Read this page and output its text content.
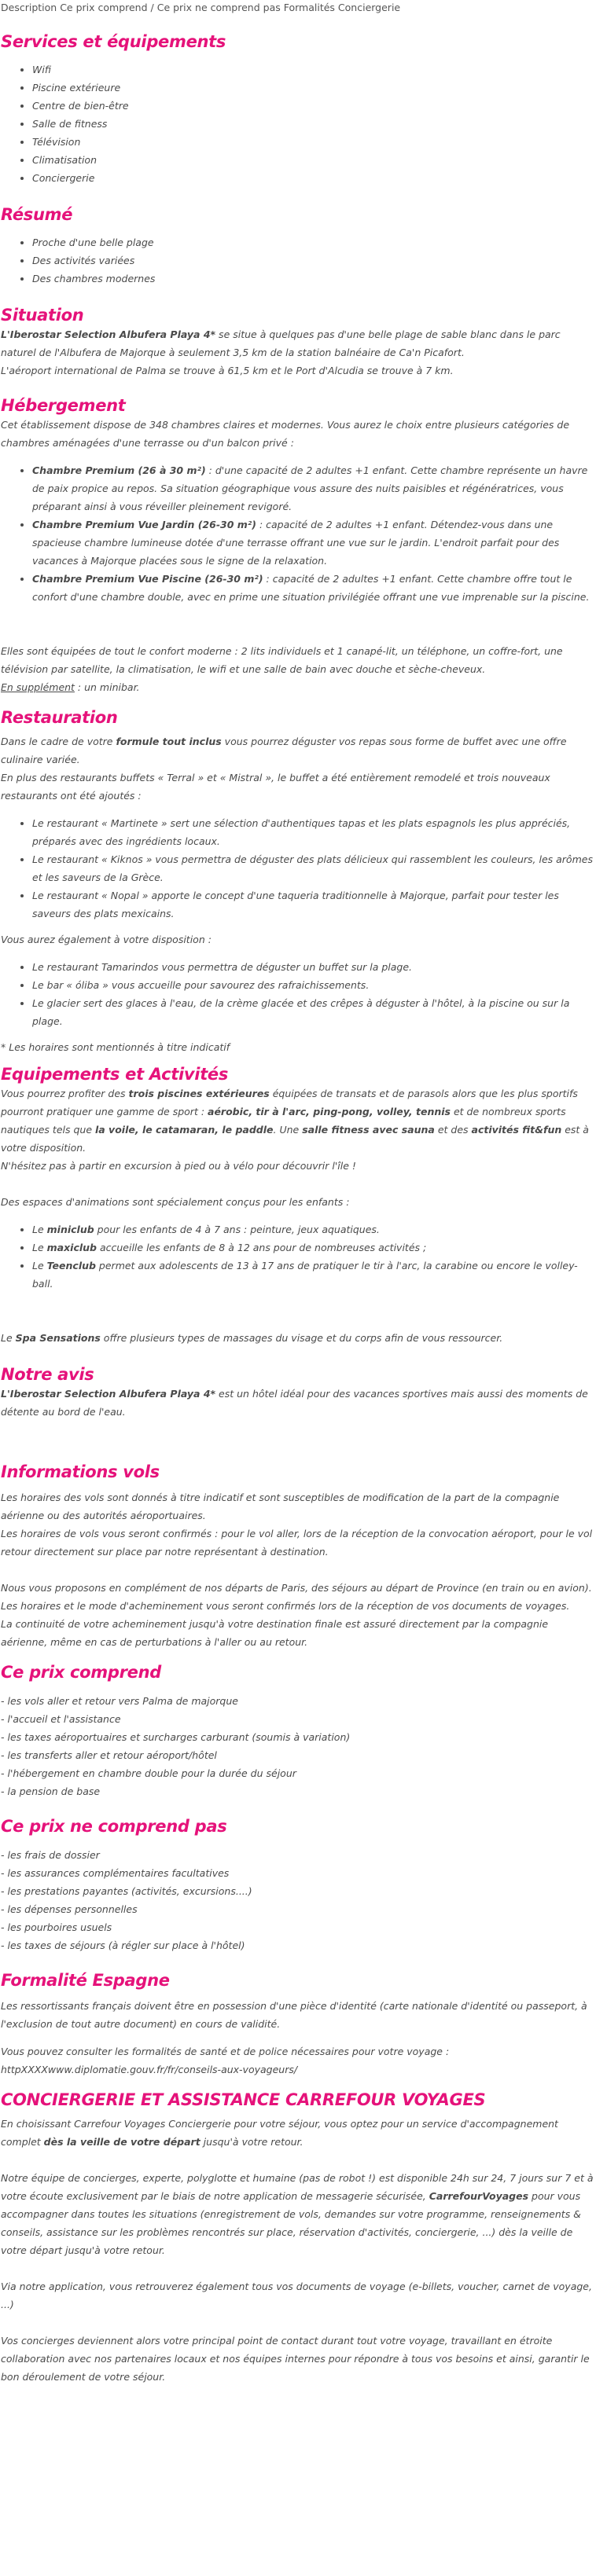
Description Ce prix comprend / Ce prix ne comprend pas Formalités Conciergerie
Services et équipements
• Wifi
• Piscine extérieure
• Centre de bien-être
• Salle de fitness
• Télévision
• Climatisation
• Conciergerie
Résumé
• Proche d'une belle plage
• Des activités variées
• Des chambres modernes
Situation

L'Iberostar Selection Albufera Playa 4* se situe à quelques pas d'une belle plage de sable blanc dans le parc naturel de l'Albufera de Majorque à seulement 3,5 km de la station balnéaire de Ca'n Picafort.

L'aéroport international de Palma se trouve à 61,5 km et le Port d'Alcudia se trouve à 7 km.

Hébergement

Cet établissement dispose de 348 chambres claires et modernes. Vous aurez le choix entre plusieurs catégories de chambres aménagées d'une terrasse ou d'un balcon privé :

• Chambre Premium (26 à 30 m²) : d'une capacité de 2 adultes +1 enfant. Cette chambre représente un havre de paix propice au repos. Sa situation géographique vous assure des nuits paisibles et régénératrices, vous préparant ainsi à vous réveiller pleinement revigoré.
• Chambre Premium Vue Jardin (26-30 m²) : capacité de 2 adultes +1 enfant. Détendez-vous dans une spacieuse chambre lumineuse dotée d'une terrasse offrant une vue sur le jardin. L'endroit parfait pour des vacances à Majorque placées sous le signe de la relaxation.
• Chambre Premium Vue Piscine (26-30 m²) : capacité de 2 adultes +1 enfant. Cette chambre offre tout le confort d'une chambre double, avec en prime une situation privilégiée offrant une vue imprenable sur la piscine.

Elles sont équipées de tout le confort moderne : 2 lits individuels et 1 canapé-lit, un téléphone, un coffre-fort, une télévision par satellite, la climatisation, le wifi et une salle de bain avec douche et sèche-cheveux.

En supplément : un minibar.

Restauration

Dans le cadre de votre formule tout inclus vous pourrez déguster vos repas sous forme de buffet avec une offre culinaire variée.

En plus des restaurants buffets « Terral » et « Mistral », le buffet a été entièrement remodelé et trois nouveaux restaurants ont été ajoutés :

• Le restaurant « Martinete » sert une sélection d'authentiques tapas et les plats espagnols les plus appréciés, préparés avec des ingrédients locaux.
• Le restaurant « Kiknos » vous permettra de déguster des plats délicieux qui rassemblent les couleurs, les arômes et les saveurs de la Grèce.
• Le restaurant « Nopal » apporte le concept d'une taqueria traditionnelle à Majorque, parfait pour tester les saveurs des plats mexicains.

Vous aurez également à votre disposition :

• Le restaurant Tamarindos vous permettra de déguster un buffet sur la plage.
• Le bar « óliba » vous accueille pour savourez des rafraichissements.
• Le glacier sert des glaces à l'eau, de la crème glacée et des crêpes à déguster à l'hôtel, à la piscine ou sur la plage.

* Les horaires sont mentionnés à titre indicatif

Equipements et Activités

Vous pourrez profiter des trois piscines extérieures équipées de transats et de parasols alors que les plus sportifs pourront pratiquer une gamme de sport : aérobic, tir à l'arc, ping-pong, volley, tennis et de nombreux sports nautiques tels que la voile, le catamaran, le paddle. Une salle fitness avec sauna et des activités fit&fun est à votre disposition.

N'hésitez pas à partir en excursion à pied ou à vélo pour découvrir l'île !

Des espaces d'animations sont spécialement conçus pour les enfants :

• Le miniclub pour les enfants de 4 à 7 ans : peinture, jeux aquatiques.
• Le maxiclub accueille les enfants de 8 à 12 ans pour de nombreuses activités ;
• Le Teenclub permet aux adolescents de 13 à 17 ans de pratiquer le tir à l'arc, la carabine ou encore le volley-ball.

Le Spa Sensations offre plusieurs types de massages du visage et du corps afin de vous ressourcer.

Notre avis

L'Iberostar Selection Albufera Playa 4* est un hôtel idéal pour des vacances sportives mais aussi des moments de détente au bord de l'eau.

Informations vols

Les horaires des vols sont donnés à titre indicatif et sont susceptibles de modification de la part de la compagnie aérienne ou des autorités aéroportuaires.

Les horaires de vols vous seront confirmés : pour le vol aller, lors de la réception de la convocation aéroport, pour le vol retour directement sur place par notre représentant à destination.

Nous vous proposons en complément de nos départs de Paris, des séjours au départ de Province (en train ou en avion).

Les horaires et le mode d'acheminement vous seront confirmés lors de la réception de vos documents de voyages.

La continuité de votre acheminement jusqu'à votre destination finale est assuré directement par la compagnie aérienne, même en cas de perturbations à l'aller ou au retour.

Ce prix comprend

- les vols aller et retour vers Palma de majorque

- l'accueil et l'assistance

- les taxes aéroportuaires et surcharges carburant (soumis à variation)

- les transferts aller et retour aéroport/hôtel

- l'hébergement en chambre double pour la durée du séjour

- la pension de base

Ce prix ne comprend pas

- les frais de dossier

- les assurances complémentaires facultatives

- les prestations payantes (activités, excursions....)

- les dépenses personnelles

- les pourboires usuels

- les taxes de séjours (à régler sur place à l'hôtel)

Formalité Espagne

Les ressortissants français doivent être en possession d'une pièce d'identité (carte nationale d'identité ou passeport, à l'exclusion de tout autre document) en cours de validité.

Vous pouvez consulter les formalités de santé et de police nécessaires pour votre voyage :

httpXXXXwww.diplomatie.gouv.fr/fr/conseils-aux-voyageurs/

CONCIERGERIE ET ASSISTANCE CARREFOUR VOYAGES

En choisissant Carrefour Voyages Conciergerie pour votre séjour, vous optez pour un service d'accompagnement complet dès la veille de votre départ jusqu'à votre retour.

Notre équipe de concierges, experte, polyglotte et humaine (pas de robot !) est disponible 24h sur 24, 7 jours sur 7 et à votre écoute exclusivement par le biais de notre application de messagerie sécurisée, CarrefourVoyages pour vous accompagner dans toutes les situations (enregistrement de vols, demandes sur votre programme, renseignements & conseils, assistance sur les problèmes rencontrés sur place, réservation d'activités, conciergerie, ...) dès la veille de votre départ jusqu'à votre retour.

Via notre application, vous retrouverez également tous vos documents de voyage (e-billets, voucher, carnet de voyage, ...)

Vos concierges deviennent alors votre principal point de contact durant tout votre voyage, travaillant en étroite collaboration avec nos partenaires locaux et nos équipes internes pour répondre à tous vos besoins et ainsi, garantir le bon déroulement de votre séjour.
